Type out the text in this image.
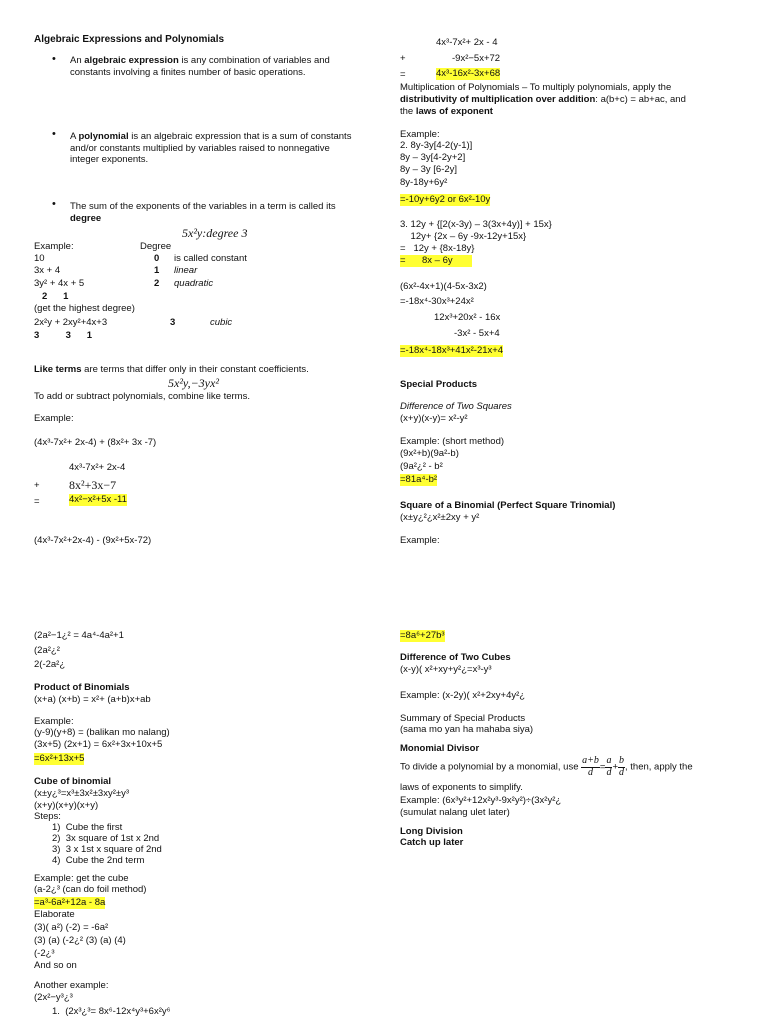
Algebraic Expressions and Polynomials
• An algebraic expression is any combination of variables and constants involving a finites number of basic operations.
• A polynomial is an algebraic expression that is a sum of constants and/or constants multiplied by variables raised to nonnegative integer exponents.
• The sum of the exponents of the variables in a term is called its degree
5x²y:degree 3
Example:	Degree
10	0 is called constant
3x + 4	1 linear
3y² + 4x + 5	2 quadratic
2      1
(get the highest degree)
2x²y + 2xy²+4x+3	3	cubic
3          3      1
Like terms are terms that differ only in their constant coefficients.
5x²y,−3yx²
To add or subtract polynomials, combine like terms.
Example:
(4x³-7x²+ 2x-4) + (8x²+ 3x -7)
4x³-7x²+ 2x-4
+ 8x²+3x−7
=	4x²−x²+5x -11
(4x³-7x²+2x-4) - (9x²+5x-72)
(2a²−1¿² = 4a⁴-4a²+1
(2a²¿²
2(-2a²¿
Product of Binomials
(x+a) (x+b) = x²+ (a+b)x+ab
Example:
(y-9)(y+8) = (balikan mo nalang)
(3x+5) (2x+1) = 6x²+3x+10x+5
=6x²+13x+5
Cube of binomial
(x±y¿³=x³±3x²±3xy²±y³
(x+y)(x+y)(x+y)
Steps:
1)  Cube the first
2)  3x square of 1st x 2nd
3)  3 x 1st x square of 2nd
4)  Cube the 2nd term
Example: get the cube
(a-2¿³ (can do foil method)
=a³-6a²+12a - 8a
Elaborate
(3)( a²) (-2) = -6a²
(3) (a) (-2¿² (3) (a) (4)
(-2¿³
And so on
Another example:
(2x²−y³¿³
1.  (2x³¿³= 8x⁶-12x⁴y³+6x²y⁶
4x³-7x²+ 2x - 4
+	-9x²−5x+72
=	4x³-16x²-3x+68
Multiplication of Polynomials – To multiply polynomials, apply the
distributivity of multiplication over addition: a(b+c) = ab+ac, and
the laws of exponent
Example:
2. 8y-3y[4-2(y-1)]
8y – 3y[4-2y+2]
8y – 3y [6-2y]
8y-18y+6y²
=-10y+6y2 or 6x²-10y
3. 12y + {[2(x-3y) – 3(3x+4y)] + 15x}
12y+ {2x – 6y -9x-12y+15x}
=   12y + {8x-18y}
=	8x – 6y
(6x²-4x+1)(4-5x-3x2)
=-18x⁴-30x³+24x²
12x³+20x² - 16x
-3x² - 5x+4
=-18x⁴-18x³+41x²-21x+4
Special Products
Difference of Two Squares
(x+y)(x-y)= x²-y²
Example: (short method)
(9x²+b)(9a²-b)
(9a²¿² - b²
=81a⁴-b²
Square of a Binomial (Perfect Square Trinomial)
(x±y¿²¿x²±2xy + y²
Example:
=8a⁶+27b³
Difference of Two Cubes
(x-y)( x²+xy+y²¿=x³-y³
Example: (x-2y)( x²+2xy+4y²¿
Summary of Special Products
(sama mo yan ha mahaba siya)
Monomial Divisor
To divide a polynomial by a monomial, use $\frac{a+b}{d} = \frac{a}{d} + \frac{b}{d}$ , then, apply the
laws of exponents to simplify.
Example: (6x³y²+12x²y³-9x²y²)÷(3x²y²¿
(sumulat nalang ulet later)
Long Division
Catch up later
